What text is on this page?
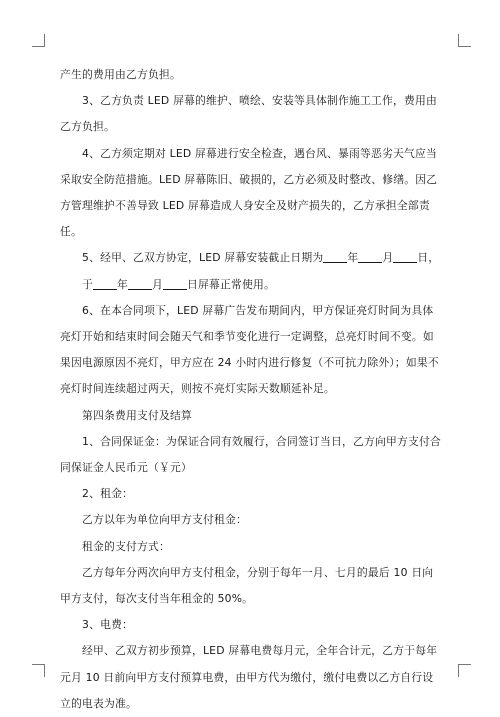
产生的费用由乙方负担。

3、乙方负责 LED 屏幕的维护、喷绘、安装等具体制作施工工作，费用由乙方负担。

4、乙方须定期对 LED 屏幕进行安全检查，遇台风、暴雨等恶劣天气应当采取安全防范措施。LED 屏幕陈旧、破损的，乙方必须及时整改、修缮。因乙方管理维护不善导致 LED 屏幕造成人身安全及财产损失的，乙方承担全部责任。

5、经甲、乙双方协定，LED 屏幕安装截止日期为 年 月 日，

于 年 月 日屏幕正常使用。

6、在本合同项下，LED 屏幕广告发布期间内，甲方保证亮灯时间为具体亮灯开始和结束时间会随天气和季节变化进行一定调整，总亮灯时间不变。如果因电源原因不亮灯，甲方应在 24 小时内进行修复（不可抗力除外）；如果不亮灯时间连续超过两天，则按不亮灯实际天数顺延补足。

第四条费用支付及结算

1、合同保证金：为保证合同有效履行，合同签订当日，乙方向甲方支付合同保证金人民币元（￥元）

2、租金：

乙方以年为单位向甲方支付租金：

租金的支付方式：

乙方每年分两次向甲方支付租金，分别于每年一月、七月的最后 10 日向甲方支付，每次支付当年租金的 50%。

3、电费：

经甲、乙双方初步预算，LED 屏幕电费每月元，全年合计元，乙方于每年元月 10 日前向甲方支付预算电费，由甲方代为缴付，缴付电费以乙方自行设立的电表为准。
